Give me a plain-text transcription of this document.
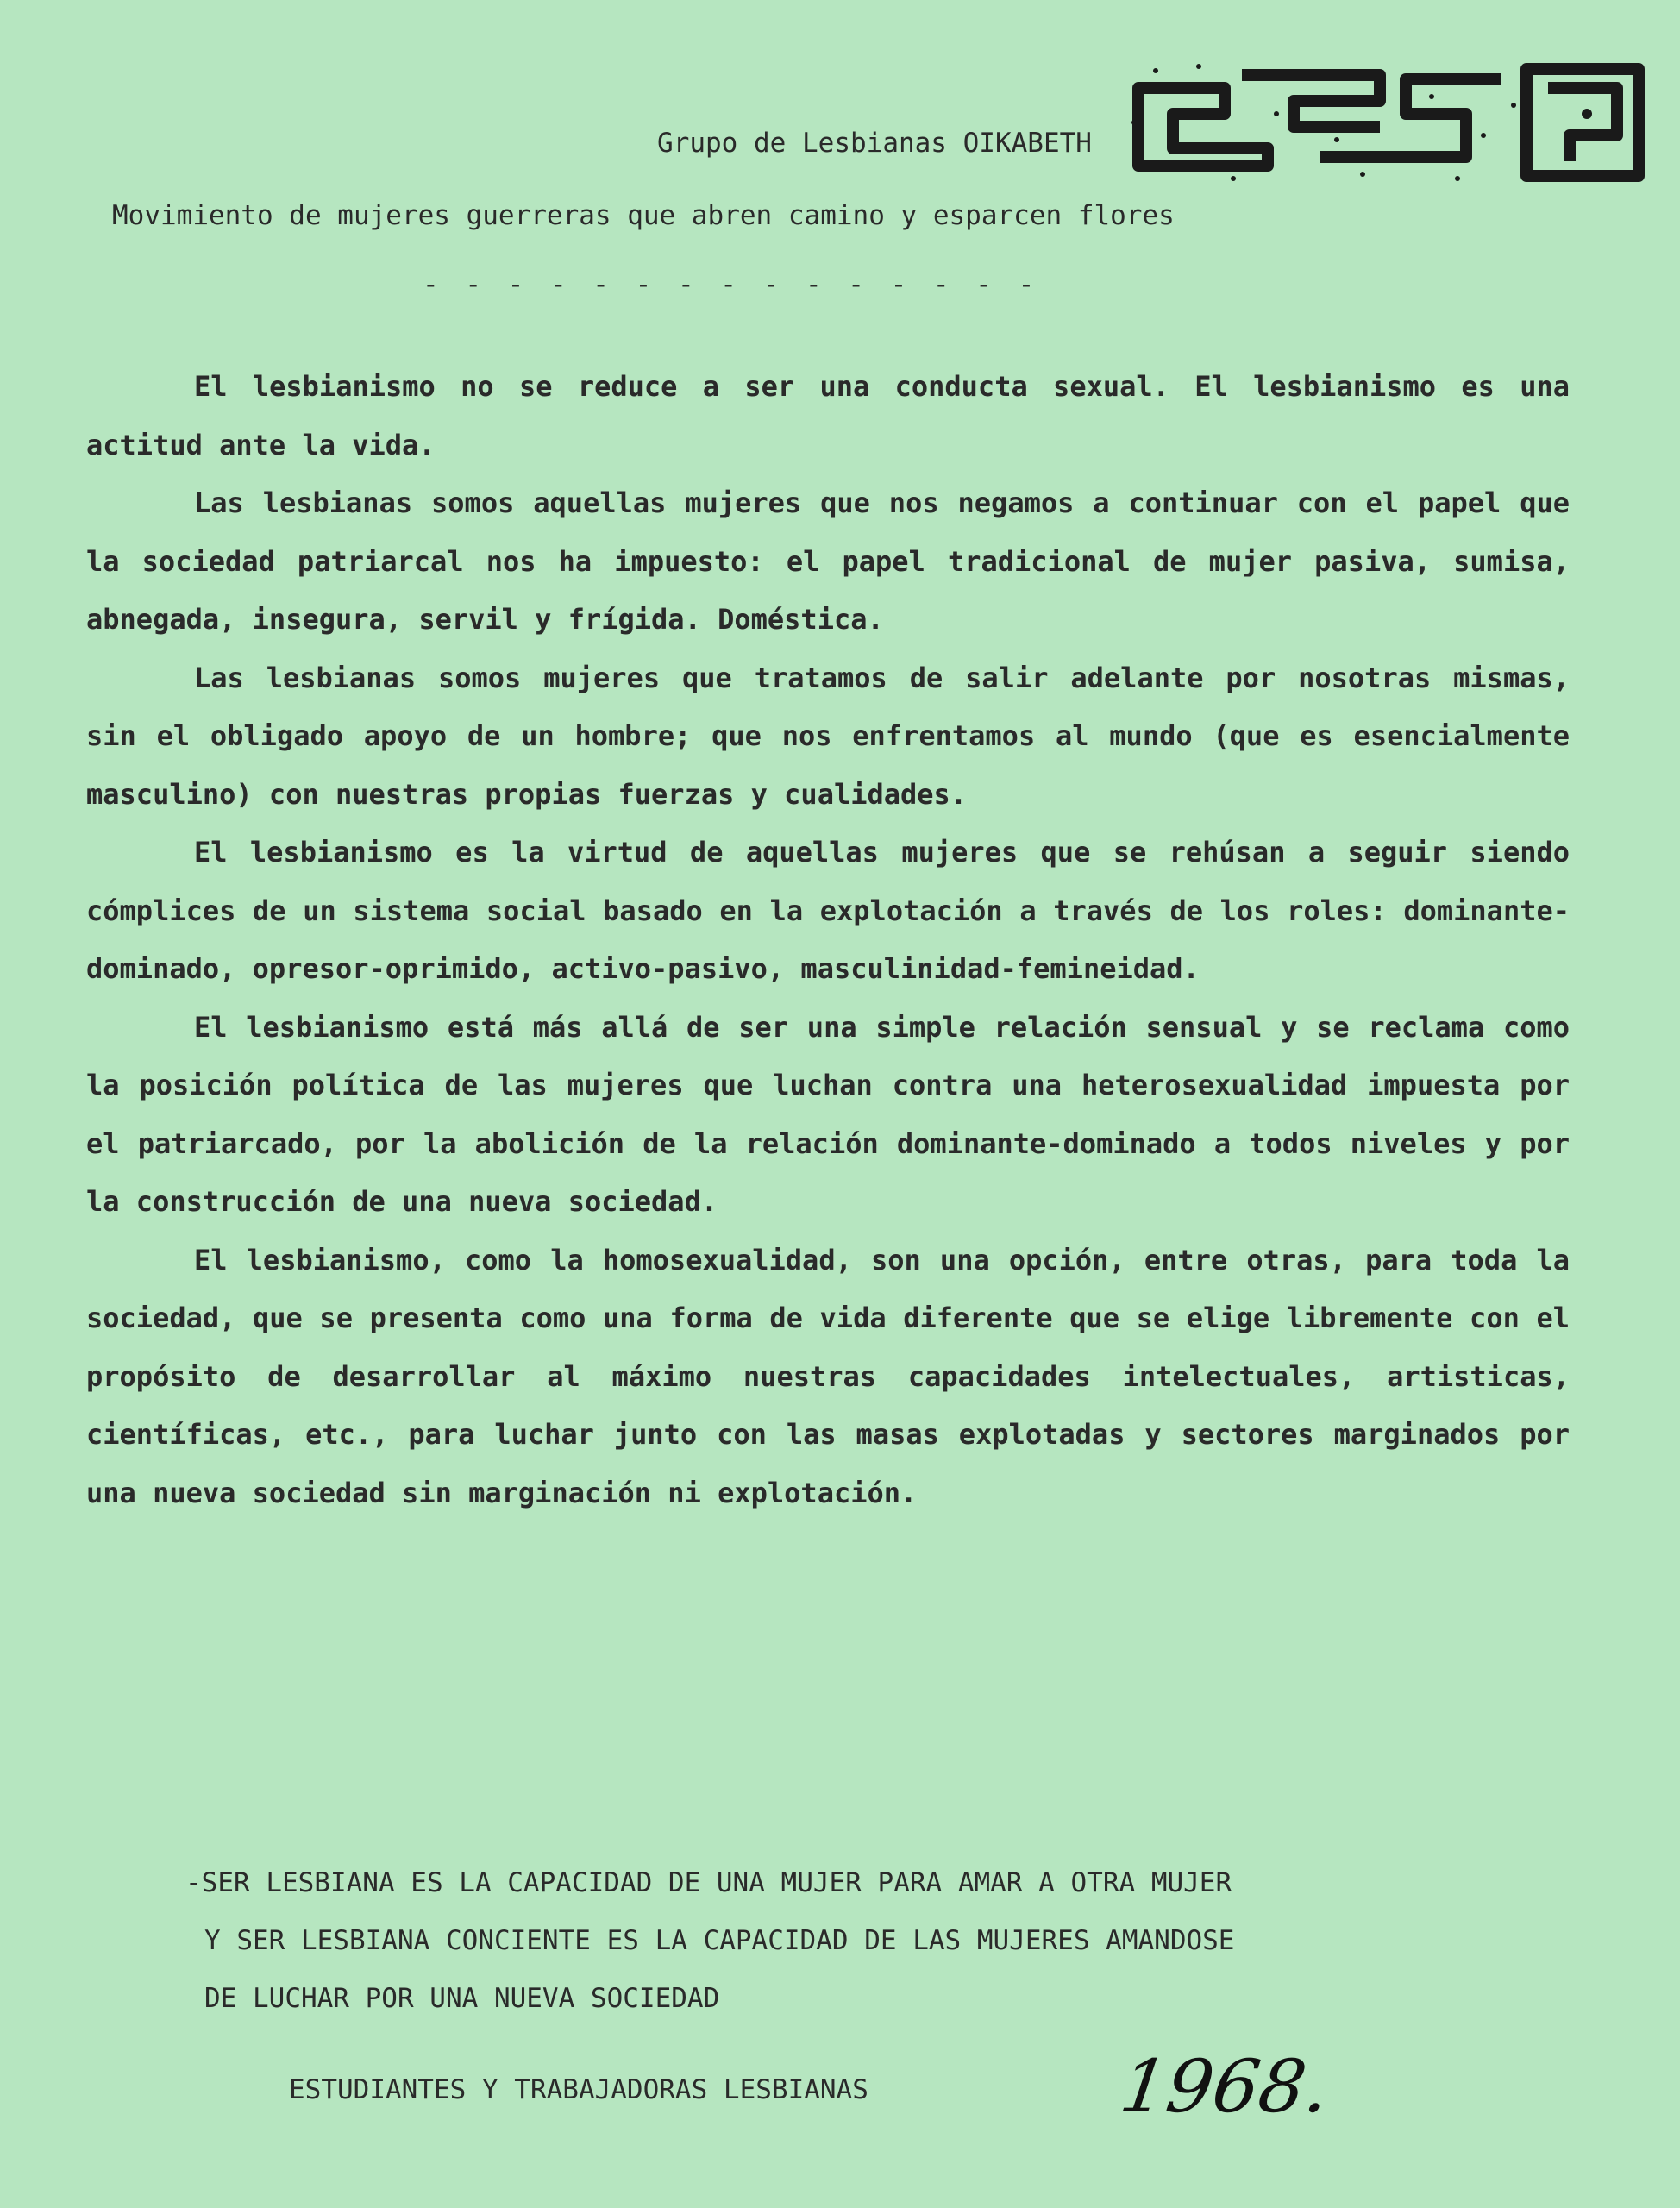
Grupo de Lesbianas OIKABETH
Movimiento de mujeres guerreras que abren camino y esparcen flores
- - - - - - - - - - - - - - -

El lesbianismo no se reduce a ser una conducta sexual. El lesbianismo es una actitud ante la vida.

Las lesbianas somos aquellas mujeres que nos negamos a continuar con el papel que la sociedad patriarcal nos ha impuesto: el papel tradicional de mujer pasiva, sumisa, abnegada, insegura, servil y frígida. Doméstica.

Las lesbianas somos mujeres que tratamos de salir adelante por nosotras mismas, sin el obligado apoyo de un hombre; que nos enfrentamos al mundo (que es esencialmente masculino) con nuestras propias fuerzas y cualidades.

El lesbianismo es la virtud de aquellas mujeres que se rehúsan a seguir siendo cómplices de un sistema social basado en la explotación a través de los roles: dominante-dominado, opresor-oprimido, activo-pasivo, masculinidad-femineidad.

El lesbianismo está más allá de ser una simple relación sensual y se reclama como la posición política de las mujeres que luchan contra una heterosexualidad impuesta por el patriarcado, por la abolición de la relación dominante-dominado a todos niveles y por la construcción de una nueva sociedad.

El lesbianismo, como la homosexualidad, son una opción, entre otras, para toda la sociedad, que se presenta como una forma de vida diferente que se elige libremente con el propósito de desarrollar al máximo nuestras capacidades intelectuales, artisticas, científicas, etc., para luchar junto con las masas explotadas y sectores marginados por una nueva sociedad sin marginación ni explotación.

-SER LESBIANA ES LA CAPACIDAD DE UNA MUJER PARA AMAR A OTRA MUJER
Y SER LESBIANA CONCIENTE ES LA CAPACIDAD DE LAS MUJERES AMANDOSE
DE LUCHAR POR UNA NUEVA SOCIEDAD
ESTUDIANTES Y TRABAJADORAS LESBIANAS	1968.
